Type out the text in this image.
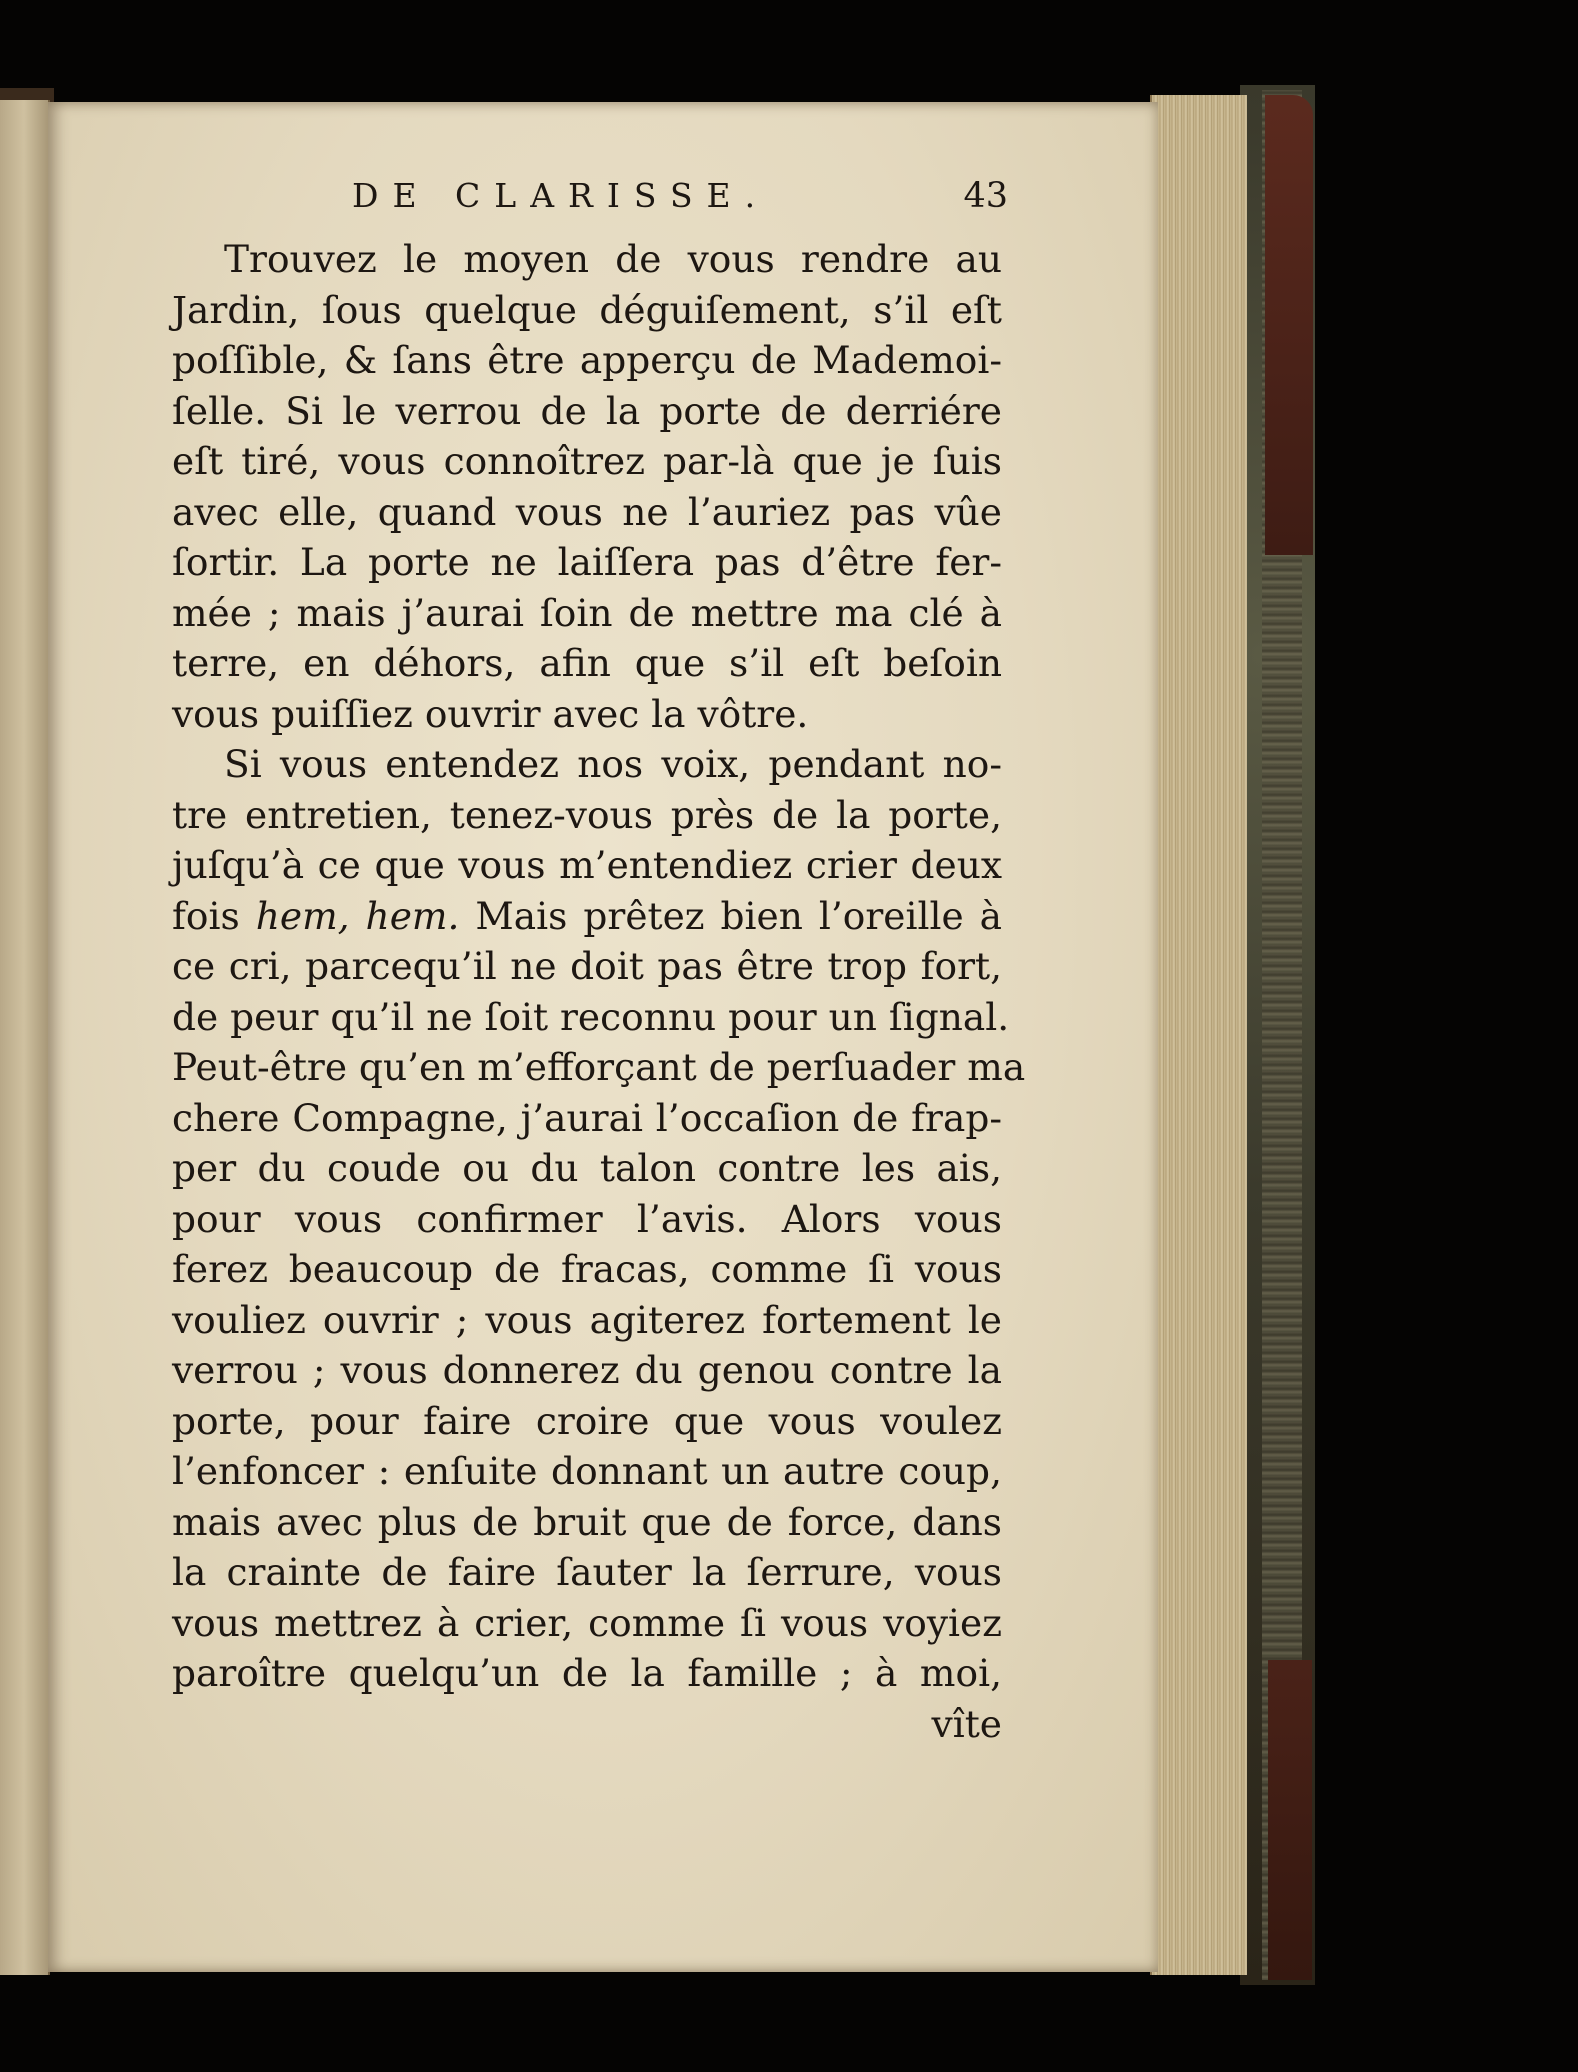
DE CLARISSE.	43
Trouvez le moyen de vous rendre au
Jardin, ſous quelque déguiſement, s’il eſt
poſſible, & ſans être apperçu de Mademoi-
ſelle. Si le verrou de la porte de derriére
eſt tiré, vous connoîtrez par-là que je ſuis
avec elle, quand vous ne l’auriez pas vûe
ſortir. La porte ne laiſſera pas d’être fer-
mée ; mais j’aurai ſoin de mettre ma clé à
terre, en déhors, afin que s’il eſt beſoin
vous puiſſiez ouvrir avec la vôtre.
Si vous entendez nos voix, pendant no-
tre entretien, tenez-vous près de la porte,
juſqu’à ce que vous m’entendiez crier deux
fois hem, hem. Mais prêtez bien l’oreille à
ce cri, parcequ’il ne doit pas être trop fort,
de peur qu’il ne ſoit reconnu pour un ſignal.
Peut-être qu’en m’efforçant de perſuader ma
chere Compagne, j’aurai l’occaſion de frap-
per du coude ou du talon contre les ais,
pour vous confirmer l’avis. Alors vous
ferez beaucoup de fracas, comme ſi vous
vouliez ouvrir ; vous agiterez fortement le
verrou ; vous donnerez du genou contre la
porte, pour faire croire que vous voulez
l’enfoncer : enſuite donnant un autre coup,
mais avec plus de bruit que de force, dans
la crainte de faire ſauter la ſerrure, vous
vous mettrez à crier, comme ſi vous voyiez
paroître quelqu’un de la famille ; à moi,
vîte
